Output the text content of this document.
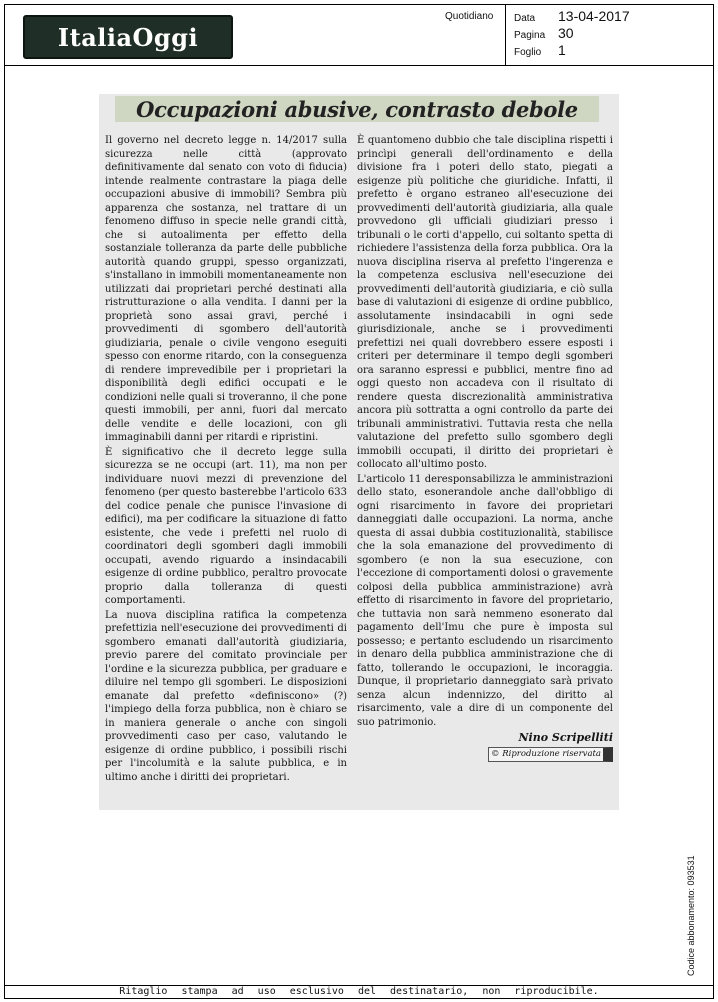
ItaliaOggi
Quotidiano Data	13-04-2017
Pagina 30
Foglio	1
Occupazioni abusive, contrasto debole

Il governo nel decreto legge n. 14/2017 sulla sicurezza nelle città (approvato definitivamente dal senato con voto di fiducia) intende realmente contrastare la piaga delle occupazioni abusive di immobili? Sembra più apparenza che sostanza, nel trattare di un fenomeno diffuso in specie nelle grandi città, che si autoalimenta per effetto della sostanziale tolleranza da parte delle pubbliche autorità quando gruppi, spesso organizzati, s'installano in immobili momentaneamente non utilizzati dai proprietari perché destinati alla ristrutturazione o alla vendita. I danni per la proprietà sono assai gravi, perché i provvedimenti di sgombero dell'autorità giudiziaria, penale o civile vengono eseguiti spesso con enorme ritardo, con la conseguenza di rendere imprevedibile per i proprietari la disponibilità degli edifici occupati e le condizioni nelle quali si troveranno, il che pone questi immobili, per anni, fuori dal mercato delle vendite e delle locazioni, con gli immaginabili danni per ritardi e ripristini.

È significativo che il decreto legge sulla sicurezza se ne occupi (art. 11), ma non per individuare nuovi mezzi di prevenzione del fenomeno (per questo basterebbe l'articolo 633 del codice penale che punisce l'invasione di edifici), ma per codificare la situazione di fatto esistente, che vede i prefetti nel ruolo di coordinatori degli sgomberi dagli immobili occupati, avendo riguardo a insindacabili esigenze di ordine pubblico, peraltro provocate proprio dalla tolleranza di questi comportamenti.

La nuova disciplina ratifica la competenza prefettizia nell'esecuzione dei provvedimenti di sgombero emanati dall'autorità giudiziaria, previo parere del comitato provinciale per l'ordine e la sicurezza pubblica, per graduare e diluire nel tempo gli sgomberi. Le disposizioni emanate dal prefetto «definiscono» (?) l'impiego della forza pubblica, non è chiaro se in maniera generale o anche con singoli provvedimenti caso per caso, valutando le esigenze di ordine pubblico, i possibili rischi per l'incolumità e la salute pubblica, e in ultimo anche i diritti dei proprietari.

È quantomeno dubbio che tale disciplina rispetti i princìpi generali dell'ordinamento e della divisione fra i poteri dello stato, piegati a esigenze più politiche che giuridiche. Infatti, il prefetto è organo estraneo all'esecuzione dei provvedimenti dell'autorità giudiziaria, alla quale provvedono gli ufficiali giudiziari presso i tribunali o le corti d'appello, cui soltanto spetta di richiedere l'assistenza della forza pubblica. Ora la nuova disciplina riserva al prefetto l'ingerenza e la competenza esclusiva nell'esecuzione dei provvedimenti dell'autorità giudiziaria, e ciò sulla base di valutazioni di esigenze di ordine pubblico, assolutamente insindacabili in ogni sede giurisdizionale, anche se i provvedimenti prefettizi nei quali dovrebbero essere esposti i criteri per determinare il tempo degli sgomberi ora saranno espressi e pubblici, mentre fino ad oggi questo non accadeva con il risultato di rendere questa discrezionalità amministrativa ancora più sottratta a ogni controllo da parte dei tribunali amministrativi. Tuttavia resta che nella valutazione del prefetto sullo sgombero degli immobili occupati, il diritto dei proprietari è collocato all'ultimo posto.

L'articolo 11 deresponsabilizza le amministrazioni dello stato, esonerandole anche dall'obbligo di ogni risarcimento in favore dei proprietari danneggiati dalle occupazioni. La norma, anche questa di assai dubbia costituzionalità, stabilisce che la sola emanazione del provvedimento di sgombero (e non la sua esecuzione, con l'eccezione di comportamenti dolosi o gravemente colposi della pubblica amministrazione) avrà effetto di risarcimento in favore del proprietario, che tuttavia non sarà nemmeno esonerato dal pagamento dell'Imu che pure è imposta sul possesso; e pertanto escludendo un risarcimento in denaro della pubblica amministrazione che di fatto, tollerando le occupazioni, le incoraggia. Dunque, il proprietario danneggiato sarà privato senza alcun indennizzo, del diritto al risarcimento, vale a dire di un componente del suo patrimonio.

Nino Scripelliti

© Riproduzione riservata
Codice abbonamento: 093531
Ritaglio stampa ad uso esclusivo del destinatario, non riproducibile.
